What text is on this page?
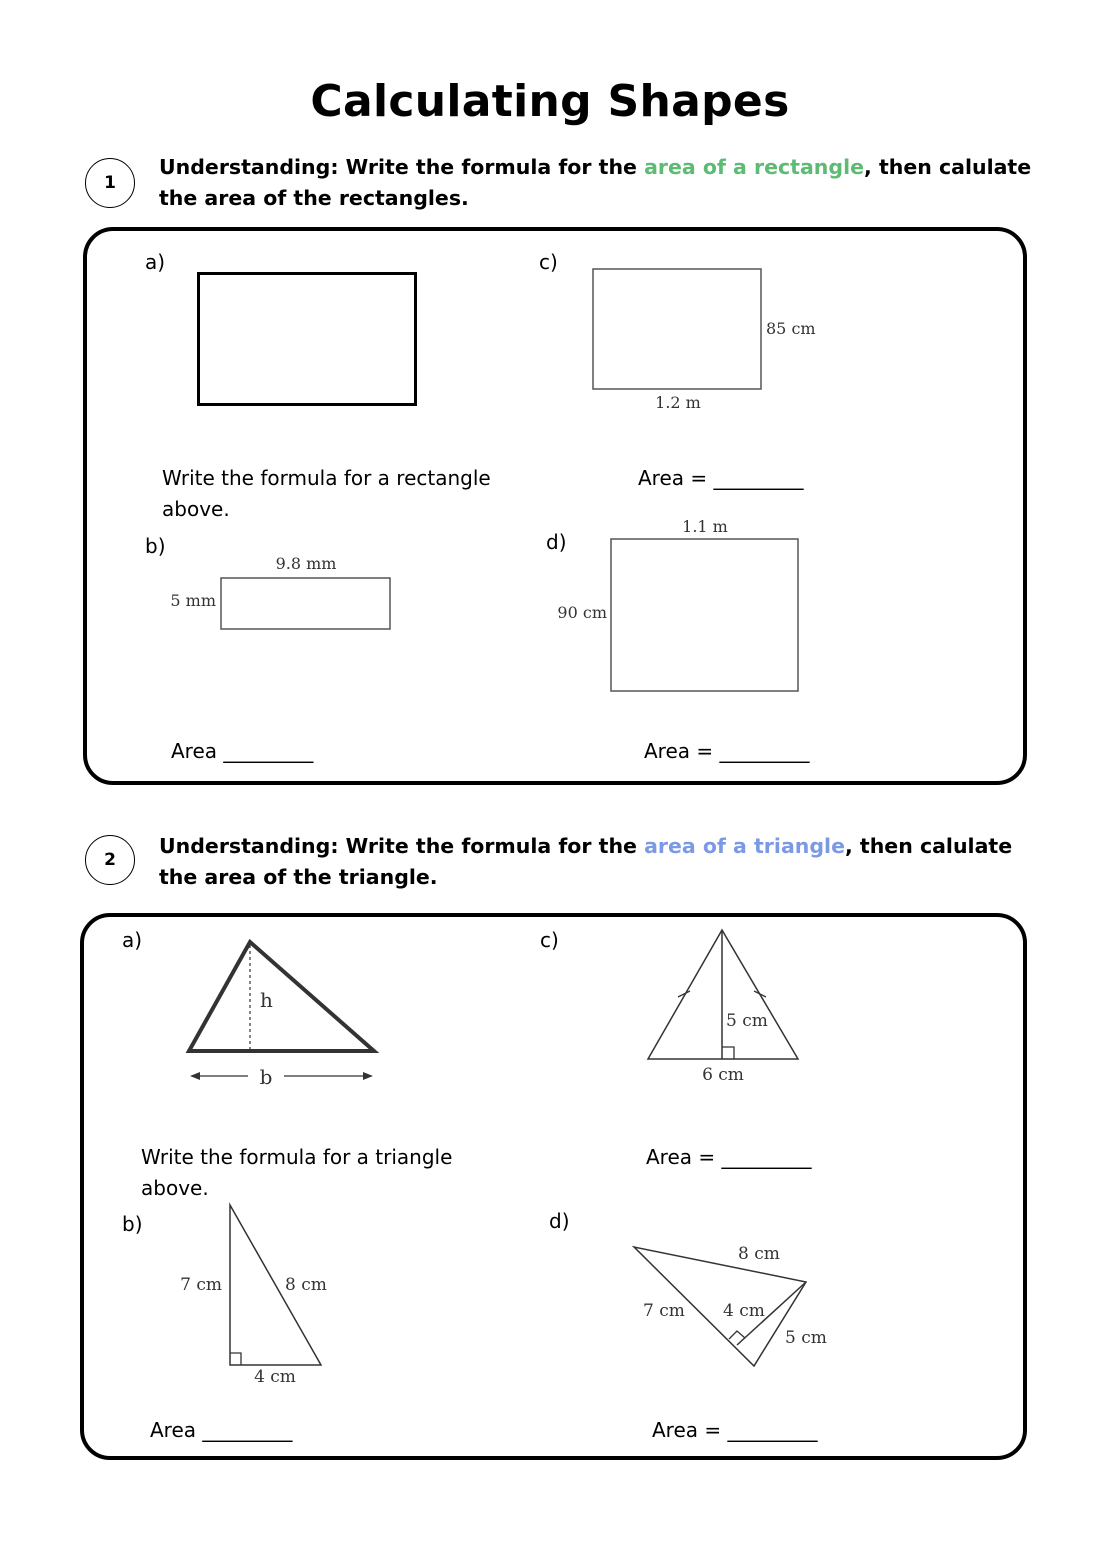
Calculating Shapes
1
Understanding: Write the formula for the area of a rectangle, then calulate the area of the rectangles.
a)
Write the formula for a rectangle above.
c)
85 cm
1.2 m
Area = _________
b)
9.8 mm
5 mm
Area _________
d)
1.1 m
90 cm
Area = _________
2
Understanding: Write the formula for the area of a triangle, then calulate the area of the triangle.
a)
h
b
Write the formula for a triangle above.
c)
5 cm
6 cm
Area = _________
b)
7 cm	8 cm
4 cm
Area _________
d)
8 cm
7 cm 4 cm
5 cm
Area = _________
